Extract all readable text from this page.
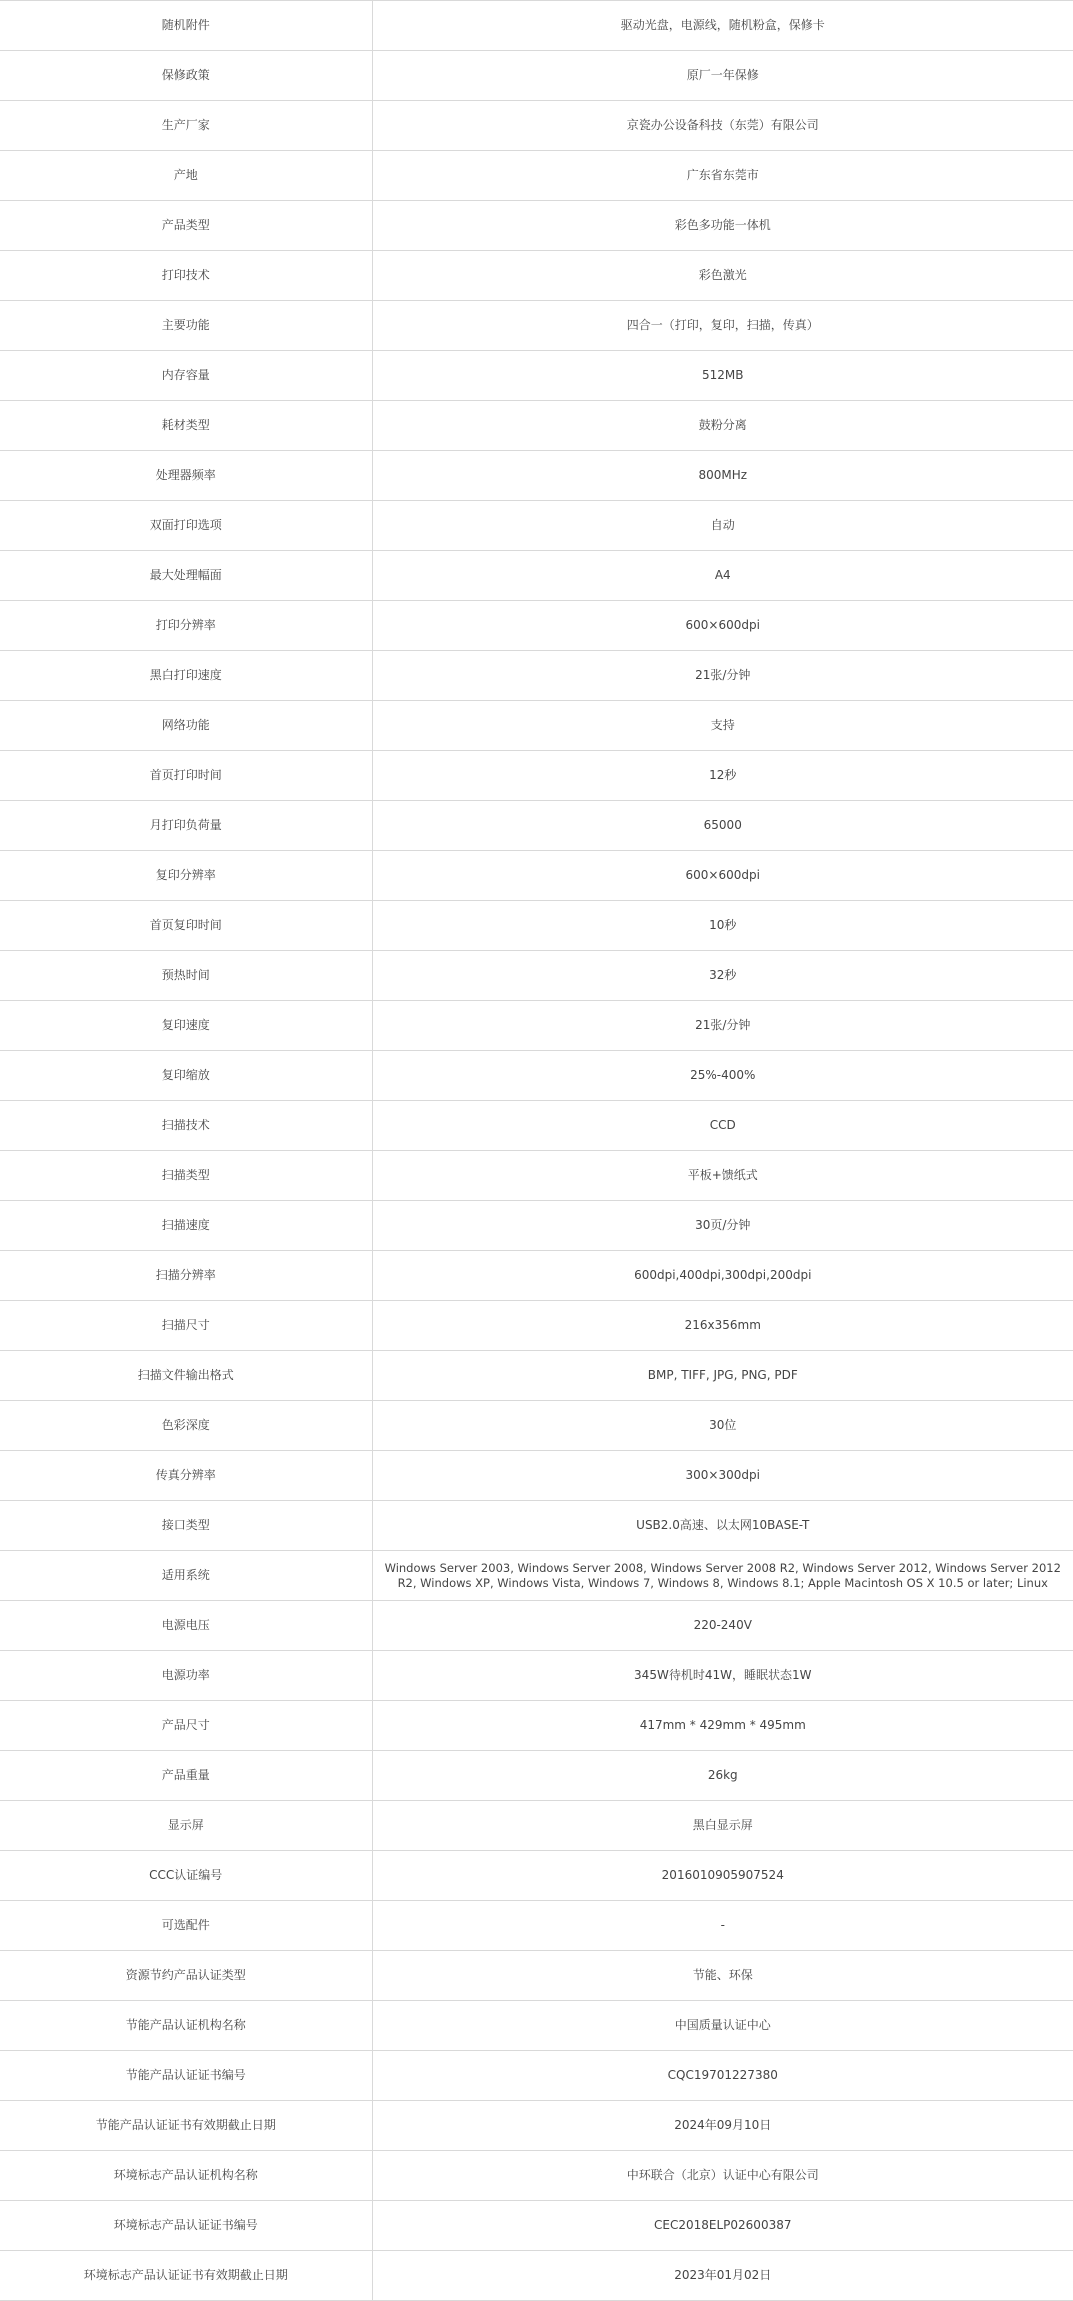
随机附件	驱动光盘，电源线，随机粉盒，保修卡
保修政策	原厂一年保修
生产厂家	京瓷办公设备科技（东莞）有限公司
产地	广东省东莞市
产品类型	彩色多功能一体机
打印技术	彩色激光
主要功能	四合一（打印，复印，扫描，传真）
内存容量	512MB
耗材类型	鼓粉分离
处理器频率	800MHz
双面打印选项	自动
最大处理幅面	A4
打印分辨率	600×600dpi
黑白打印速度	21张/分钟
网络功能	支持
首页打印时间	12秒
月打印负荷量	65000
复印分辨率	600×600dpi
首页复印时间	10秒
预热时间	32秒
复印速度	21张/分钟
复印缩放	25%-400%
扫描技术	CCD
扫描类型	平板+馈纸式
扫描速度	30页/分钟
扫描分辨率	600dpi,400dpi,300dpi,200dpi
扫描尺寸	216x356mm
扫描文件输出格式	BMP, TIFF, JPG, PNG, PDF
色彩深度	30位
传真分辨率	300×300dpi
接口类型	USB2.0高速、以太网10BASE-T
适用系统	Windows Server 2003, Windows Server 2008, Windows Server 2008 R2, Windows Server 2012, Windows Server 2012 R2, Windows XP, Windows Vista, Windows 7, Windows 8, Windows 8.1; Apple Macintosh OS X 10.5 or later; Linux
电源电压	220-240V
电源功率	345W待机时41W，睡眠状态1W
产品尺寸	417mm * 429mm * 495mm
产品重量	26kg
显示屏	黑白显示屏
CCC认证编号	2016010905907524
可选配件	-
资源节约产品认证类型	节能、环保
节能产品认证机构名称	中国质量认证中心
节能产品认证证书编号	CQC19701227380
节能产品认证证书有效期截止日期	2024年09月10日
环境标志产品认证机构名称	中环联合（北京）认证中心有限公司
环境标志产品认证证书编号	CEC2018ELP02600387
环境标志产品认证证书有效期截止日期	2023年01月02日
